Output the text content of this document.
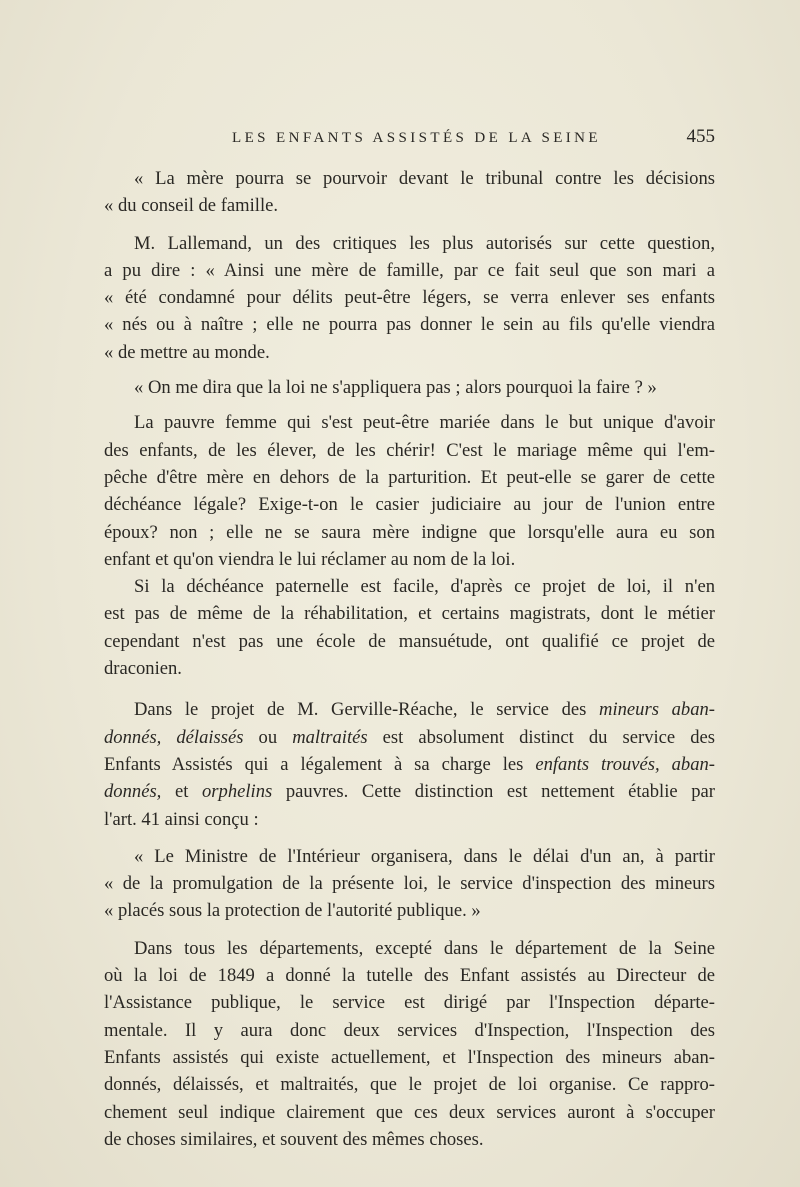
LES ENFANTS ASSISTÉS DE LA SEINE	455
« La mère pourra se pourvoir devant le tribunal contre les décisions
« du conseil de famille.
M. Lallemand, un des critiques les plus autorisés sur cette question,
a pu dire : « Ainsi une mère de famille, par ce fait seul que son mari a
« été condamné pour délits peut-être légers, se verra enlever ses enfants
« nés ou à naître ; elle ne pourra pas donner le sein au fils qu'elle viendra
« de mettre au monde.
« On me dira que la loi ne s'appliquera pas ; alors pourquoi la faire ? »
La pauvre femme qui s'est peut-être mariée dans le but unique d'avoir
des enfants, de les élever, de les chérir! C'est le mariage même qui l'em-
pêche d'être mère en dehors de la parturition. Et peut-elle se garer de cette
déchéance légale? Exige-t-on le casier judiciaire au jour de l'union entre
époux? non ; elle ne se saura mère indigne que lorsqu'elle aura eu son
enfant et qu'on viendra le lui réclamer au nom de la loi.
Si la déchéance paternelle est facile, d'après ce projet de loi, il n'en
est pas de même de la réhabilitation, et certains magistrats, dont le métier
cependant n'est pas une école de mansuétude, ont qualifié ce projet de
draconien.
Dans le projet de M. Gerville-Réache, le service des mineurs aban-
donnés, délaissés ou maltraités est absolument distinct du service des
Enfants Assistés qui a légalement à sa charge les enfants trouvés, aban-
donnés, et orphelins pauvres. Cette distinction est nettement établie par
l'art. 41 ainsi conçu :
« Le Ministre de l'Intérieur organisera, dans le délai d'un an, à partir
« de la promulgation de la présente loi, le service d'inspection des mineurs
« placés sous la protection de l'autorité publique. »
Dans tous les départements, excepté dans le département de la Seine
où la loi de 1849 a donné la tutelle des Enfant assistés au Directeur de
l'Assistance publique, le service est dirigé par l'Inspection départe-
mentale. Il y aura donc deux services d'Inspection, l'Inspection des
Enfants assistés qui existe actuellement, et l'Inspection des mineurs aban-
donnés, délaissés, et maltraités, que le projet de loi organise. Ce rappro-
chement seul indique clairement que ces deux services auront à s'occuper
de choses similaires, et souvent des mêmes choses.
